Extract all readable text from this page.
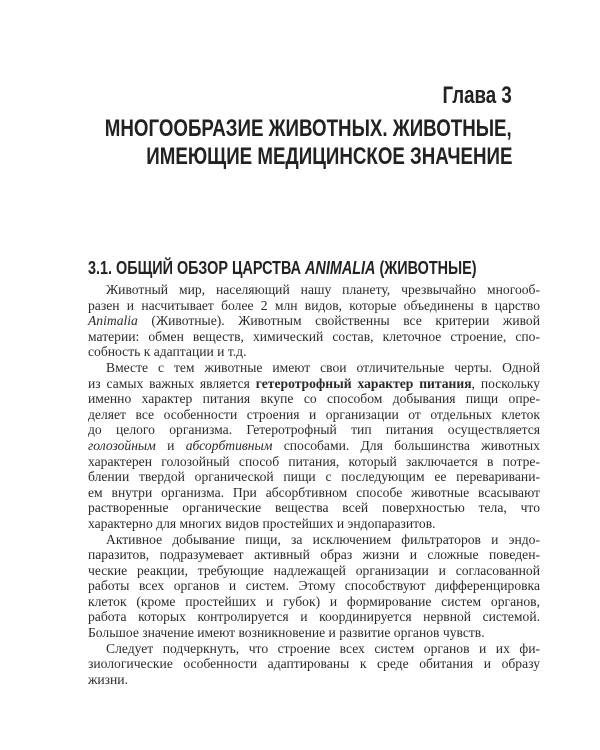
Глава 3
МНОГООБРАЗИЕ ЖИВОТНЫХ. ЖИВОТНЫЕ,
ИМЕЮЩИЕ МЕДИЦИНСКОЕ ЗНАЧЕНИЕ
3.1. ОБЩИЙ ОБЗОР ЦАРСТВА ANIMALIA (ЖИВОТНЫЕ)
Животный мир, населяющий нашу планету, чрезвычайно многооб-
разен и насчитывает более 2 млн видов, которые объединены в царство
Animalia (Животные). Животным свойственны все критерии живой
материи: обмен веществ, химический состав, клеточное строение, спо-
собность к адаптации и т.д.
Вместе с тем животные имеют свои отличительные черты. Одной
из самых важных является гетеротрофный характер питания, поскольку
именно характер питания вкупе со способом добывания пищи опре-
деляет все особенности строения и организации от отдельных клеток
до целого организма. Гетеротрофный тип питания осуществляется
голозойным и абсорбтивным способами. Для большинства животных
характерен голозойный способ питания, который заключается в потре-
блении твердой органической пищи с последующим ее переваривани-
ем внутри организма. При абсорбтивном способе животные всасывают
растворенные органические вещества всей поверхностью тела, что
характерно для многих видов простейших и эндопаразитов.
Активное добывание пищи, за исключением фильтраторов и эндо-
паразитов, подразумевает активный образ жизни и сложные поведен-
ческие реакции, требующие надлежащей организации и согласованной
работы всех органов и систем. Этому способствуют дифференцировка
клеток (кроме простейших и губок) и формирование систем органов,
работа которых контролируется и координируется нервной системой.
Большое значение имеют возникновение и развитие органов чувств.
Следует подчеркнуть, что строение всех систем органов и их фи-
зиологические особенности адаптированы к среде обитания и образу
жизни.
